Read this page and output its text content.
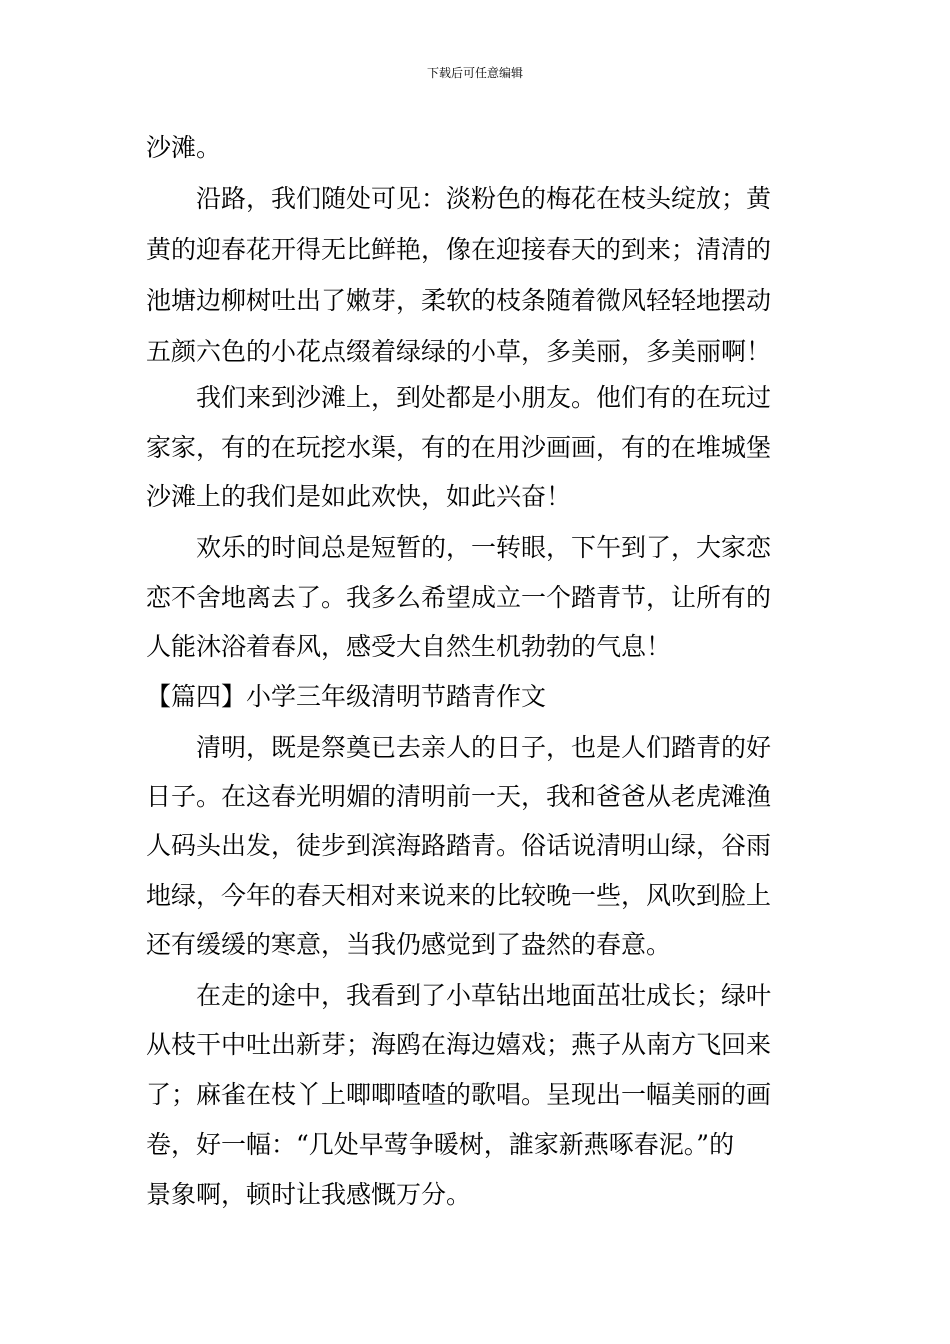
下载后可任意编辑
沙滩。
　　沿路，我们随处可见：淡粉色的梅花在枝头绽放；黄
黄的迎春花开得无比鲜艳，像在迎接春天的到来；清清的
池塘边柳树吐出了嫩芽，柔软的枝条随着微风轻轻地摆动
五颜六色的小花点缀着绿绿的小草，多美丽，多美丽啊！
　　我们来到沙滩上，到处都是小朋友。他们有的在玩过
家家，有的在玩挖水渠，有的在用沙画画，有的在堆城堡
沙滩上的我们是如此欢快，如此兴奋！
　　欢乐的时间总是短暂的，一转眼，下午到了，大家恋
恋不舍地离去了。我多么希望成立一个踏青节，让所有的
人能沐浴着春风，感受大自然生机勃勃的气息！
【篇四】小学三年级清明节踏青作文
　　清明，既是祭奠已去亲人的日子，也是人们踏青的好
日子。在这春光明媚的清明前一天，我和爸爸从老虎滩渔
人码头出发，徒步到滨海路踏青。俗话说清明山绿，谷雨
地绿，今年的春天相对来说来的比较晚一些，风吹到脸上
还有缓缓的寒意，当我仍感觉到了盎然的春意。
　　在走的途中，我看到了小草钻出地面茁壮成长；绿叶
从枝干中吐出新芽；海鸥在海边嬉戏；燕子从南方飞回来
了；麻雀在枝丫上唧唧喳喳的歌唱。呈现出一幅美丽的画
卷，好一幅：“几处早莺争暖树，誰家新燕啄春泥。”的
景象啊，顿时让我感慨万分。
